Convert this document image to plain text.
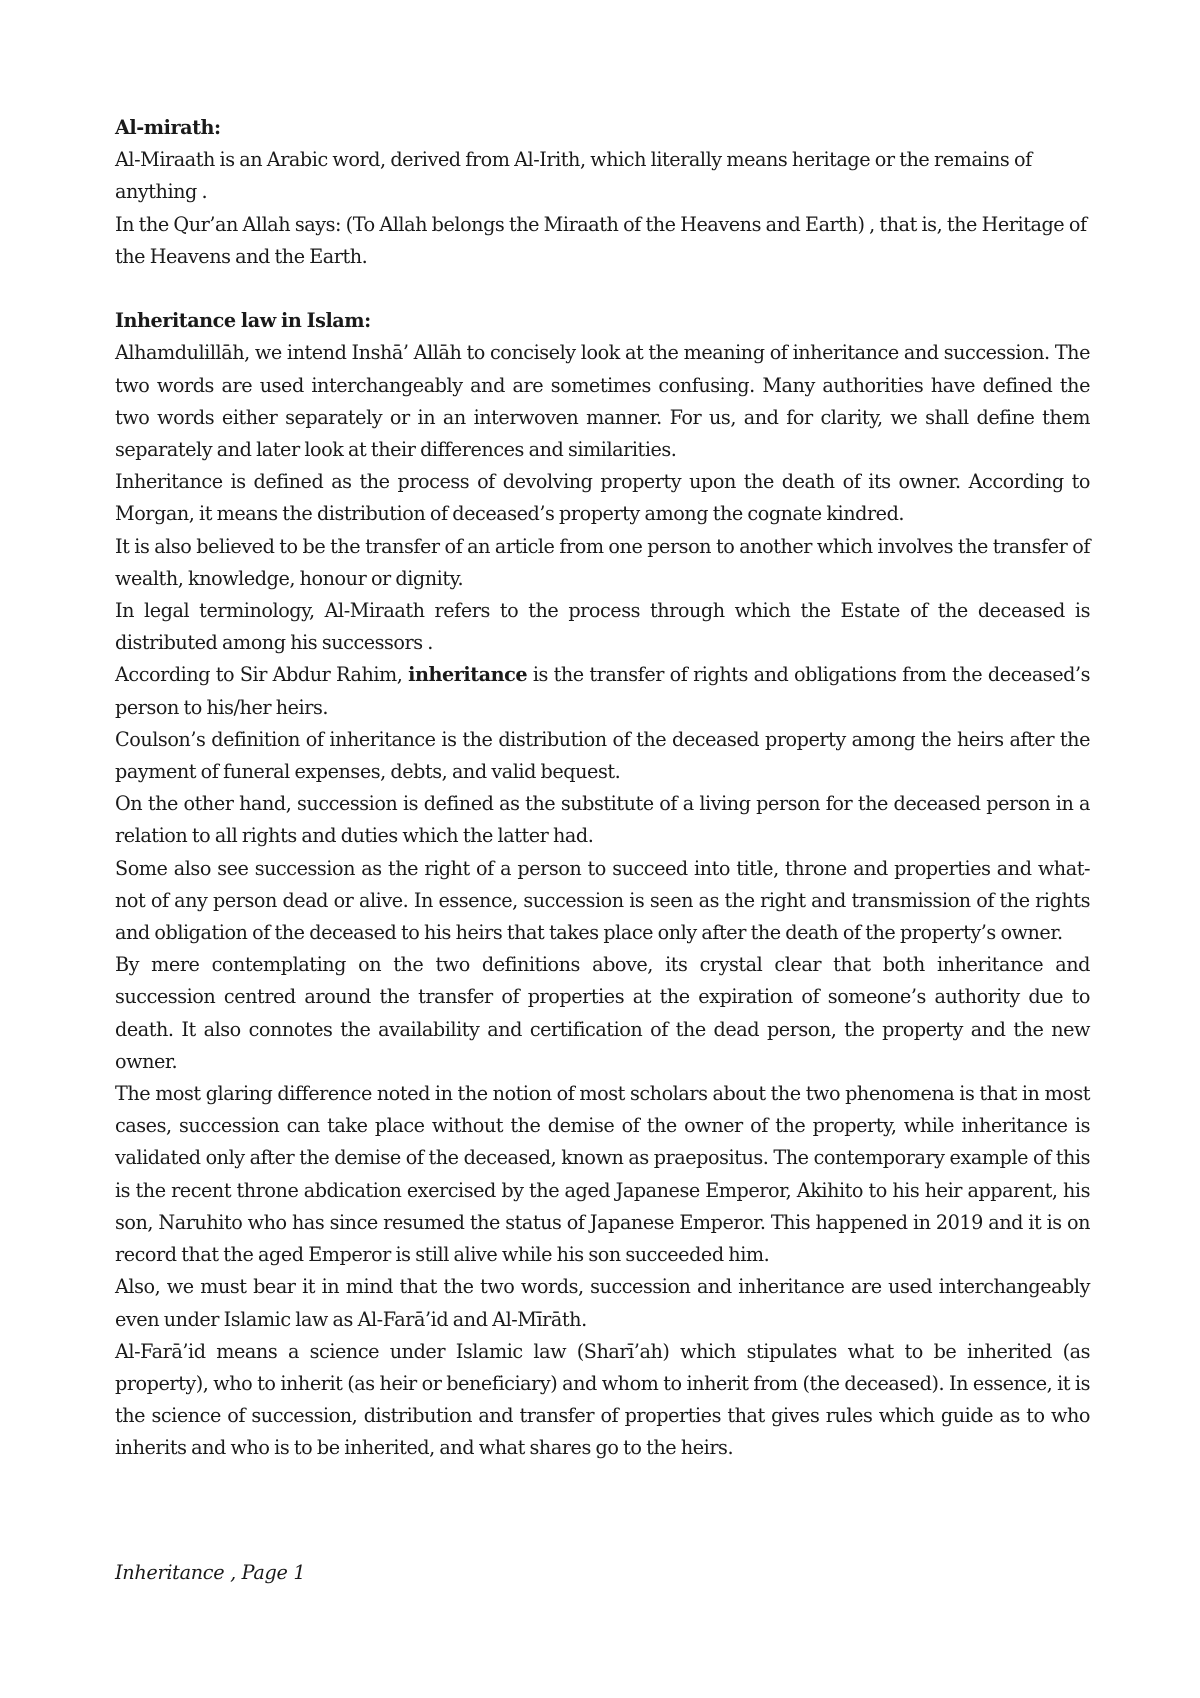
Al-mirath:

Al-Miraath is an Arabic word, derived from Al-Irith, which literally means heritage or the remains of anything .

In the Qur’an Allah says: (To Allah belongs the Miraath of the Heavens and Earth) , that is, the Heritage of the Heavens and the Earth.

Inheritance law in Islam:

Alhamdulillāh, we intend Inshā’ Allāh to concisely look at the meaning of inheritance and succession. The two words are used interchangeably and are sometimes confusing. Many authorities have defined the two words either separately or in an interwoven manner. For us, and for clarity, we shall define them separately and later look at their differences and similarities.

Inheritance is defined as the process of devolving property upon the death of its owner. According to Morgan, it means the distribution of deceased’s property among the cognate kindred.

It is also believed to be the transfer of an article from one person to another which involves the transfer of wealth, knowledge, honour or dignity.

In legal terminology, Al-Miraath refers to the process through which the Estate of the deceased is distributed among his successors .

According to Sir Abdur Rahim, inheritance is the transfer of rights and obligations from the deceased’s person to his/her heirs.

Coulson’s definition of inheritance is the distribution of the deceased property among the heirs after the payment of funeral expenses, debts, and valid bequest.

On the other hand, succession is defined as the substitute of a living person for the deceased person in a relation to all rights and duties which the latter had.

Some also see succession as the right of a person to succeed into title, throne and properties and what-not of any person dead or alive. In essence, succession is seen as the right and transmission of the rights and obligation of the deceased to his heirs that takes place only after the death of the property’s owner.

By mere contemplating on the two definitions above, its crystal clear that both inheritance and succession centred around the transfer of properties at the expiration of someone’s authority due to death. It also connotes the availability and certification of the dead person, the property and the new owner.

The most glaring difference noted in the notion of most scholars about the two phenomena is that in most cases, succession can take place without the demise of the owner of the property, while inheritance is validated only after the demise of the deceased, known as praepositus. The contemporary example of this is the recent throne abdication exercised by the aged Japanese Emperor, Akihito to his heir apparent, his son, Naruhito who has since resumed the status of Japanese Emperor. This happened in 2019 and it is on record that the aged Emperor is still alive while his son succeeded him.

Also, we must bear it in mind that the two words, succession and inheritance are used interchangeably even under Islamic law as Al-Farā’id and Al-Mīrāth.

Al-Farā’id means a science under Islamic law (Sharī’ah) which stipulates what to be inherited (as property), who to inherit (as heir or beneficiary) and whom to inherit from (the deceased). In essence, it is the science of succession, distribution and transfer of properties that gives rules which guide as to who inherits and who is to be inherited, and what shares go to the heirs.

Inheritance , Page 1
